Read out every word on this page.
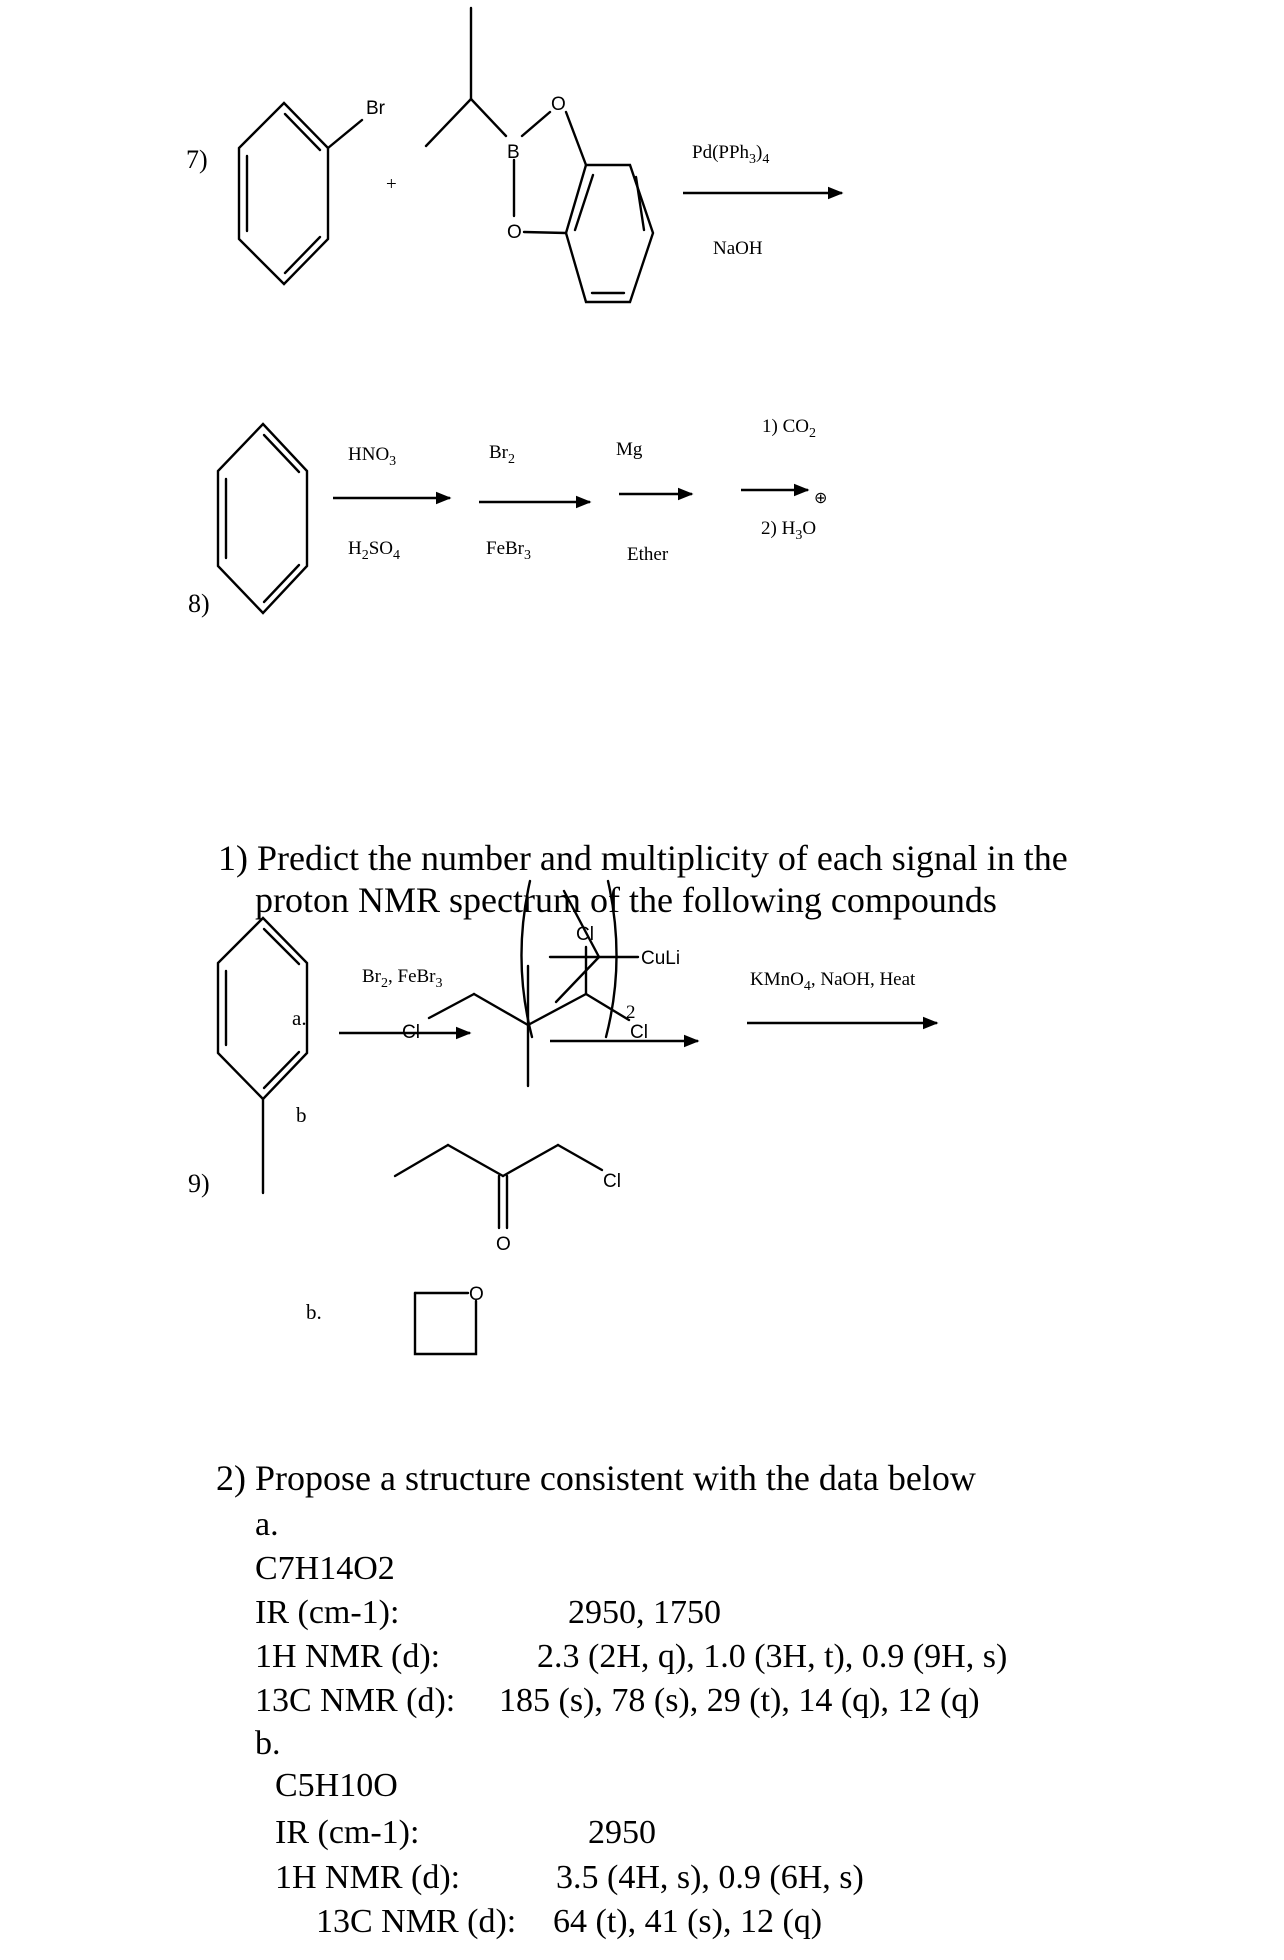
7)
Br
+
B
O
O
$Pd(PPh_3)_4$
NaOH
8)
$HNO_3$
$H_2SO_4$
$Br_2$
FeBr$_3$
Mg
Ether
1) $CO_2$
2) $H_3O$
⊕
9)
$Br_2$, FeBr$_3$
CuLi
2
KMnO$_4$, NaOH, Heat
1) Predict the number and multiplicity of each signal in the
proton NMR spectrum of the following compounds
a.
Cl
Cl
Cl
b
O
Cl
b.
O
2) Propose a structure consistent with the data below
a.
C7H14O2
IR (cm-1):	2950, 1750
1H NMR (d):	2.3 (2H, q), 1.0 (3H, t), 0.9 (9H, s)
13C NMR (d): 185 (s), 78 (s), 29 (t), 14 (q), 12 (q)
b.
C5H10O
IR (cm-1):	2950
1H NMR (d):	3.5 (4H, s), 0.9 (6H, s)
13C NMR (d): 64 (t), 41 (s), 12 (q)
